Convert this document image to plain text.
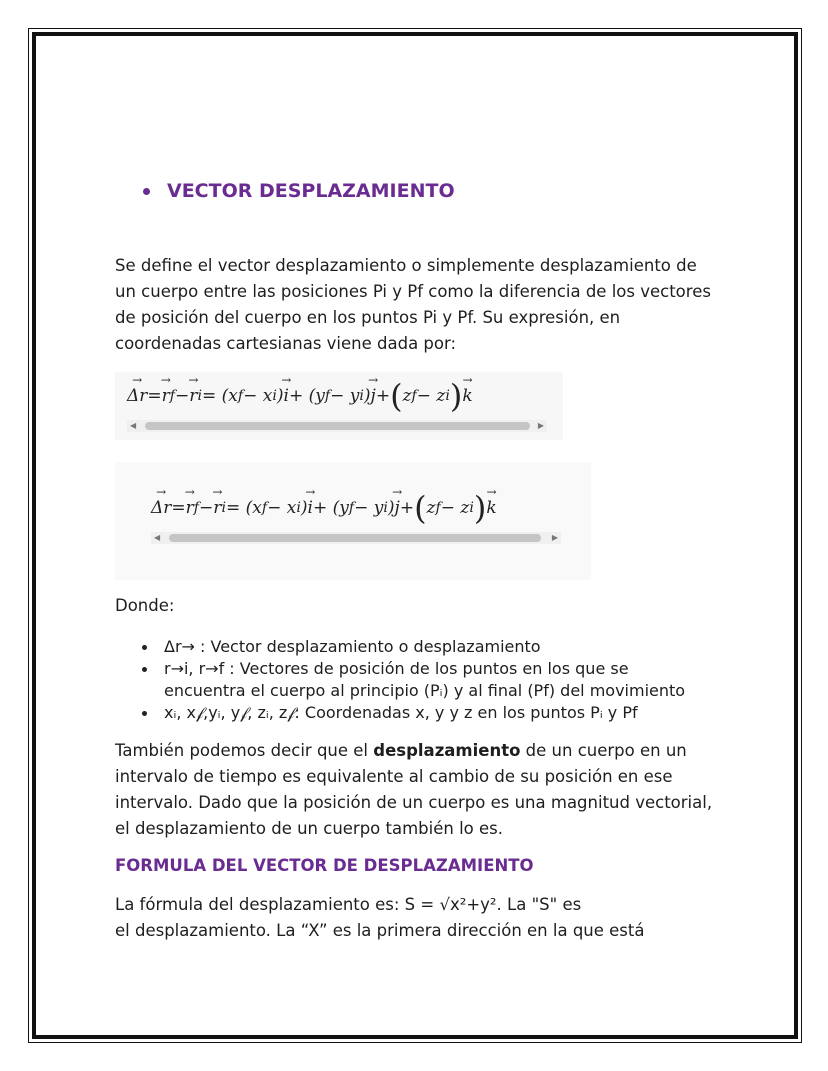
VECTOR DESPLAZAMIENTO

Se define el vector desplazamiento o simplemente desplazamiento de

un cuerpo entre las posiciones Pi y Pf como la diferencia de los vectores

de posición del cuerpo en los puntos Pi y Pf. Su expresión, en

coordenadas cartesianas viene dada por:

Δr → = r → f − r → i = (x f − x i ) i → + (y f − y i ) j → + ( z f − z i ) k →
◀	▶
Δr → = r → f − r → i = (x f − x i ) i → + (y f − y i ) j → + ( z f − z i ) k →
◀	▶
Donde:
Δr→ : Vector desplazamiento o desplazamiento
r→i, r→f : Vectores de posición de los puntos en los que se
encuentra el cuerpo al principio (Pᵢ) y al final (Pf) del movimiento
xᵢ, x𝒻,yᵢ, y𝒻, zᵢ, z𝒻: Coordenadas x, y y z en los puntos Pᵢ y Pf

También podemos decir que el desplazamiento de un cuerpo en un

intervalo de tiempo es equivalente al cambio de su posición en ese

intervalo. Dado que la posición de un cuerpo es una magnitud vectorial,

el desplazamiento de un cuerpo también lo es.

FORMULA DEL VECTOR DE DESPLAZAMIENTO

La fórmula del desplazamiento es: S = √x²+y². La "S" es

el desplazamiento. La “X” es la primera dirección en la que está
